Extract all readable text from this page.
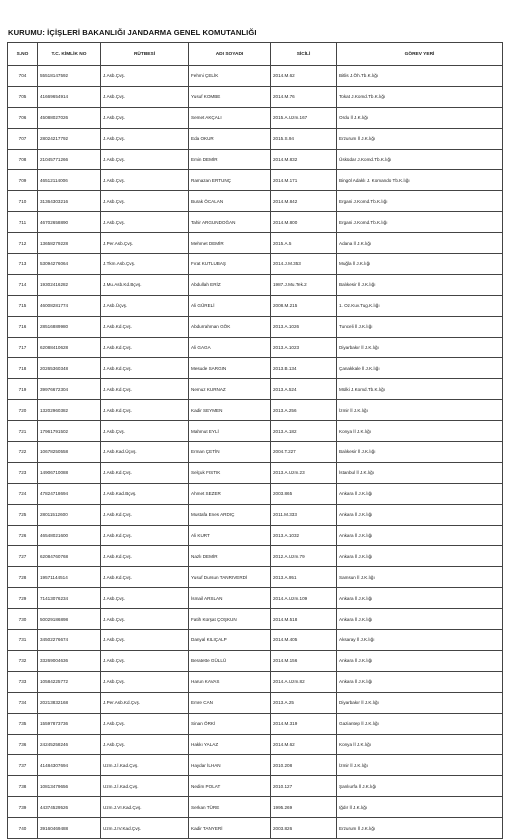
KURUMU: İÇİŞLERİ BAKANLIĞI JANDARMA GENEL KOMUTANLIĞI
S.NO	T.C. KİMLİK NO	RÜTBESİ	ADI SOYADI	SİCİLİ	GÖREV YERİ
704	55518147592	J.Asb.Çvş.	Fehmi ÇELİK	2014.M.62	Bitlis J.Öh.Tb.K.lığı
705	41669654914	J.Asb.Çvş.	Yusuf KOMBE	2014.M.76	Tokat J.Komd.Tb.K.lığı
706	45088027026	J.Asb.Çvş.	Semet AKÇALI	2015.A.Uzm.167	Ordu İl J.K.lığı
707	28024217792	J.Asb.Çvş.	Eda OKUR	2015.S.94	Erzurum İl J.K.lığı
708	21045771266	J.Asb.Çvş.	Emin DEMİR	2014.M.832	Üsküdar J.Komd.Tb.K.lığı
709	46512114006	J.Asb.Çvş.	Ramazan ERTUNÇ	2014.M.171	Bingöl Adaklı J. Komando Tb.K.lığı
710	31364303216	J.Asb.Çvş.	Burak ÖCALAN	2014.M.842	Ergani J.Komd.Tb.K.lığı
711	46702658890	J.Asb.Çvş.	Tahir ARGUNDOĞAN	2014.M.800	Ergani J.Komd.Tb.K.lığı
712	13658279228	J.Per.Asb.Çvş.	Mehmet DEMİR	2015.A.5	Adana İl J.K.lığı
713	53094276064	J.Tkm.Asb.Çvş.	Fırat KUTLUBAŞ	2014.J.M.353	Muğla İl J.K.lığı
714	19302416282	J.Mu.Asb.Kd.Bçvş.	Abdullah ERİZ	1987.J.Mu.Tek.2	Balıkesir İl J.K.lığı
715	46008281774	J.Asb.Üçvş.	Ali GÜRELİ	2008.M.215	1. Oz.Kuv.Tug.K.lığı
716	28516889980	J.Asb.Kd.Çvş.	Abdurrahman GÖK	2013.A.1026	Tunceli İl J.K.lığı
717	62088410628	J.Asb.Kd.Çvş.	Ali GAGA	2013.A.1023	Diyarbakır İl J.K.lığı
718	20265360348	J.Asb.Kd.Çvş.	Mesude SARGIN	2013.B.134	Çanakkale İl J.K.lığı
719	39976672304	J.Asb.Kd.Çvş.	Nemuz KURNAZ	2013.A.524	Mülki J.Komd.Tb.K.lığı
720	13202960382	J.Asb.Kd.Çvş.	Kadir SEYMEN	2013.A.256	İzmir İl J.K.lığı
721	17961791502	J.Asb.Çvş.	Mahmut EYLİ	2013.A.182	Konya İl J.K.lığı
722	10678250558	J.Asb.Kad.Üçvş.	Erman ÇETİN	2004.T.227	Balıkesir İl J.K.lığı
723	14906710088	J.Asb.Kd.Çvş.	Selçuk FISTIK	2013.A.Uzm.23	İstanbul İl J.K.lığı
724	47824718694	J.Asb.Kad.Bçvş.	Ahmet SEZER	2003.865	Ankara İl J.K.lığı
725	28011512600	J.Asb.Kd.Çvş.	Mustafa Enes ARDIÇ	2011.M.333	Ankara İl J.K.lığı
726	46548021600	J.Asb.Kd.Çvş.	Ali KURT	2013.A.1032	Ankara İl J.K.lığı
727	62084760768	J.Asb.Kd.Çvş.	Nazlı DEMİR	2012.A.Uzm.79	Ankara İl J.K.lığı
728	19571144514	J.Asb.Kd.Çvş.	Yusuf Dursun TANRIVERDİ	2013.A.951	Samsun İl J.K.lığı
729	71413076234	J.Asb.Çvş.	İsmail ARSLAN	2014.A.Uzm.109	Ankara İl J.K.lığı
730	50029186898	J.Asb.Çvş.	Fatih Kürşat ÇOŞKUN	2014.M.518	Ankara İl J.K.lığı
731	34502276674	J.Asb.Çvş.	Danyal KILIÇALP	2014.M.405	Aksaray İl J.K.lığı
732	33269004636	J.Asb.Çvş.	Beratette GÜLLÜ	2014.M.156	Ankara İl J.K.lığı
733	10584225772	J.Asb.Çvş.	Harun KAVAS	2014.A.Uzm.82	Ankara İl J.K.lığı
734	20213832168	J.Per.Asb.Kd.Çvş.	Emre CAN	2013.A.25	Diyarbakır İl J.K.lığı
735	15597873736	J.Asb.Çvş.	Sinan ÖRKİ	2014.M.319	Gaziantep İl J.K.lığı
736	24245258246	J.Asb.Çvş.	Hakkı YALAZ	2014.M.62	Konya İl J.K.lığı
737	41484307694	Uzm.J.İ.Kad.Çvş.	Haydar İLHAN	2010.208	İzmir İl J.K.lığı
738	10813479656	Uzm.J.İ.Kad.Çvş.	Nedim POLAT	2010.127	Şanlıurfa İl J.K.lığı
739	44374529526	Uzm.J.VI.Kad.Çvş.	Serkan TÜRE	1995.269	Iğdır İl J.K.lığı
740	39160469488	Uzm.J.IV.Kad.Çvş.	Kadir TANYERİ	2003.826	Erzurum İl J.K.lığı
